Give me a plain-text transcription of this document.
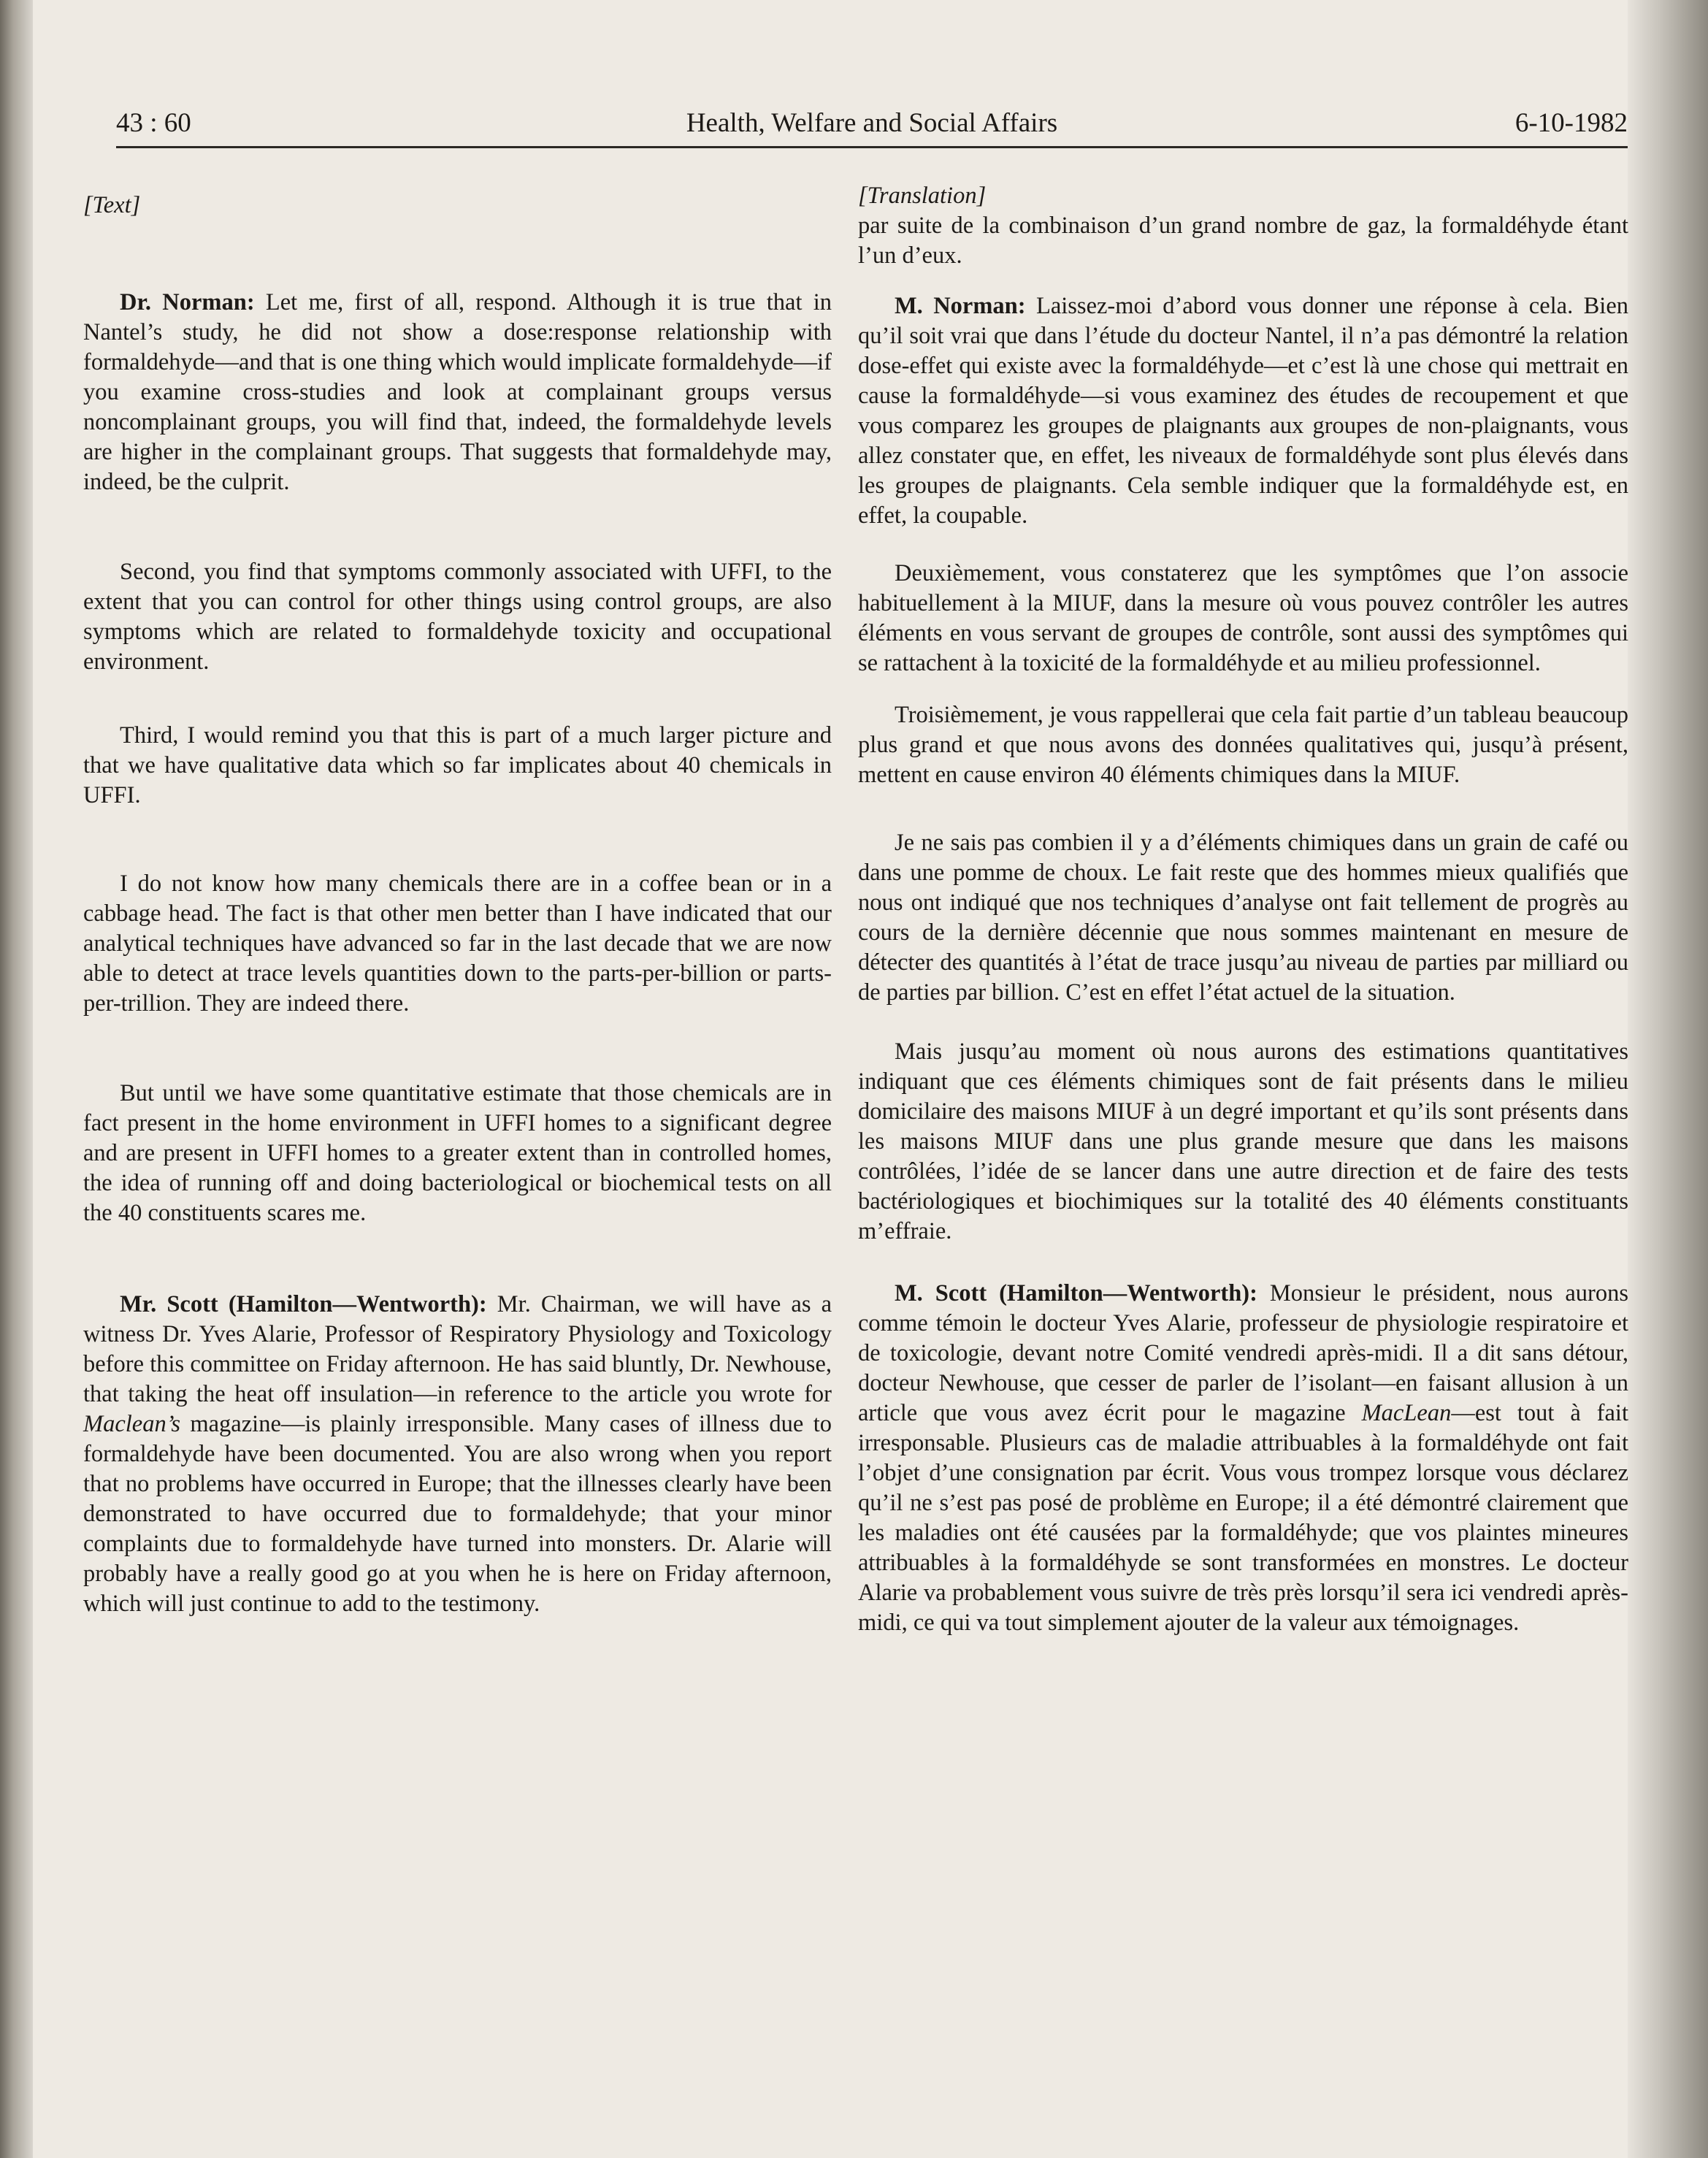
43 : 60	Health, Welfare and Social Affairs	6-10-1982
[Text]

Dr. Norman: Let me, first of all, respond. Although it is true that in Nantel’s study, he did not show a dose:response relationship with formaldehyde—and that is one thing which would implicate formaldehyde—if you examine cross-studies and look at complainant groups versus noncomplainant groups, you will find that, indeed, the formaldehyde levels are higher in the complainant groups. That suggests that formaldehyde may, indeed, be the culprit.

Second, you find that symptoms commonly associated with UFFI, to the extent that you can control for other things using control groups, are also symptoms which are related to formaldehyde toxicity and occupational environment.

Third, I would remind you that this is part of a much larger picture and that we have qualitative data which so far implicates about 40 chemicals in UFFI.

I do not know how many chemicals there are in a coffee bean or in a cabbage head. The fact is that other men better than I have indicated that our analytical techniques have advanced so far in the last decade that we are now able to detect at trace levels quantities down to the parts-per-billion or parts-per-trillion. They are indeed there.

But until we have some quantitative estimate that those chemicals are in fact present in the home environment in UFFI homes to a significant degree and are present in UFFI homes to a greater extent than in controlled homes, the idea of running off and doing bacteriological or biochemical tests on all the 40 constituents scares me.

Mr. Scott (Hamilton—Wentworth): Mr. Chairman, we will have as a witness Dr. Yves Alarie, Professor of Respiratory Physiology and Toxicology before this committee on Friday afternoon. He has said bluntly, Dr. Newhouse, that taking the heat off insulation—in reference to the article you wrote for Maclean’s magazine—is plainly irresponsible. Many cases of illness due to formaldehyde have been documented. You are also wrong when you report that no problems have occurred in Europe; that the illnesses clearly have been demonstrated to have occurred due to formaldehyde; that your minor complaints due to formaldehyde have turned into monsters. Dr. Alarie will probably have a really good go at you when he is here on Friday afternoon, which will just continue to add to the testimony.

[Translation]

par suite de la combinaison d’un grand nombre de gaz, la formaldéhyde étant l’un d’eux.

M. Norman: Laissez-moi d’abord vous donner une réponse à cela. Bien qu’il soit vrai que dans l’étude du docteur Nantel, il n’a pas démontré la relation dose-effet qui existe avec la formaldéhyde—et c’est là une chose qui mettrait en cause la formaldéhyde—si vous examinez des études de recoupement et que vous comparez les groupes de plaignants aux groupes de non-plaignants, vous allez constater que, en effet, les niveaux de formaldéhyde sont plus élevés dans les groupes de plaignants. Cela semble indiquer que la formaldéhyde est, en effet, la coupable.

Deuxièmement, vous constaterez que les symptômes que l’on associe habituellement à la MIUF, dans la mesure où vous pouvez contrôler les autres éléments en vous servant de groupes de contrôle, sont aussi des symptômes qui se rattachent à la toxicité de la formaldéhyde et au milieu professionnel.

Troisièmement, je vous rappellerai que cela fait partie d’un tableau beaucoup plus grand et que nous avons des données qualitatives qui, jusqu’à présent, mettent en cause environ 40 éléments chimiques dans la MIUF.

Je ne sais pas combien il y a d’éléments chimiques dans un grain de café ou dans une pomme de choux. Le fait reste que des hommes mieux qualifiés que nous ont indiqué que nos techniques d’analyse ont fait tellement de progrès au cours de la dernière décennie que nous sommes maintenant en mesure de détecter des quantités à l’état de trace jusqu’au niveau de parties par milliard ou de parties par billion. C’est en effet l’état actuel de la situation.

Mais jusqu’au moment où nous aurons des estimations quantitatives indiquant que ces éléments chimiques sont de fait présents dans le milieu domicilaire des maisons MIUF à un degré important et qu’ils sont présents dans les maisons MIUF dans une plus grande mesure que dans les maisons contrôlées, l’idée de se lancer dans une autre direction et de faire des tests bactériologiques et biochimiques sur la totalité des 40 éléments constituants m’effraie.

M. Scott (Hamilton—Wentworth): Monsieur le président, nous aurons comme témoin le docteur Yves Alarie, professeur de physiologie respiratoire et de toxicologie, devant notre Comité vendredi après-midi. Il a dit sans détour, docteur Newhouse, que cesser de parler de l’isolant—en faisant allusion à un article que vous avez écrit pour le magazine MacLean—est tout à fait irresponsable. Plusieurs cas de maladie attribuables à la formaldéhyde ont fait l’objet d’une consignation par écrit. Vous vous trompez lorsque vous déclarez qu’il ne s’est pas posé de problème en Europe; il a été démontré clairement que les maladies ont été causées par la formaldéhyde; que vos plaintes mineures attribuables à la formaldéhyde se sont transformées en monstres. Le docteur Alarie va probablement vous suivre de très près lorsqu’il sera ici vendredi après-midi, ce qui va tout simplement ajouter de la valeur aux témoignages.
